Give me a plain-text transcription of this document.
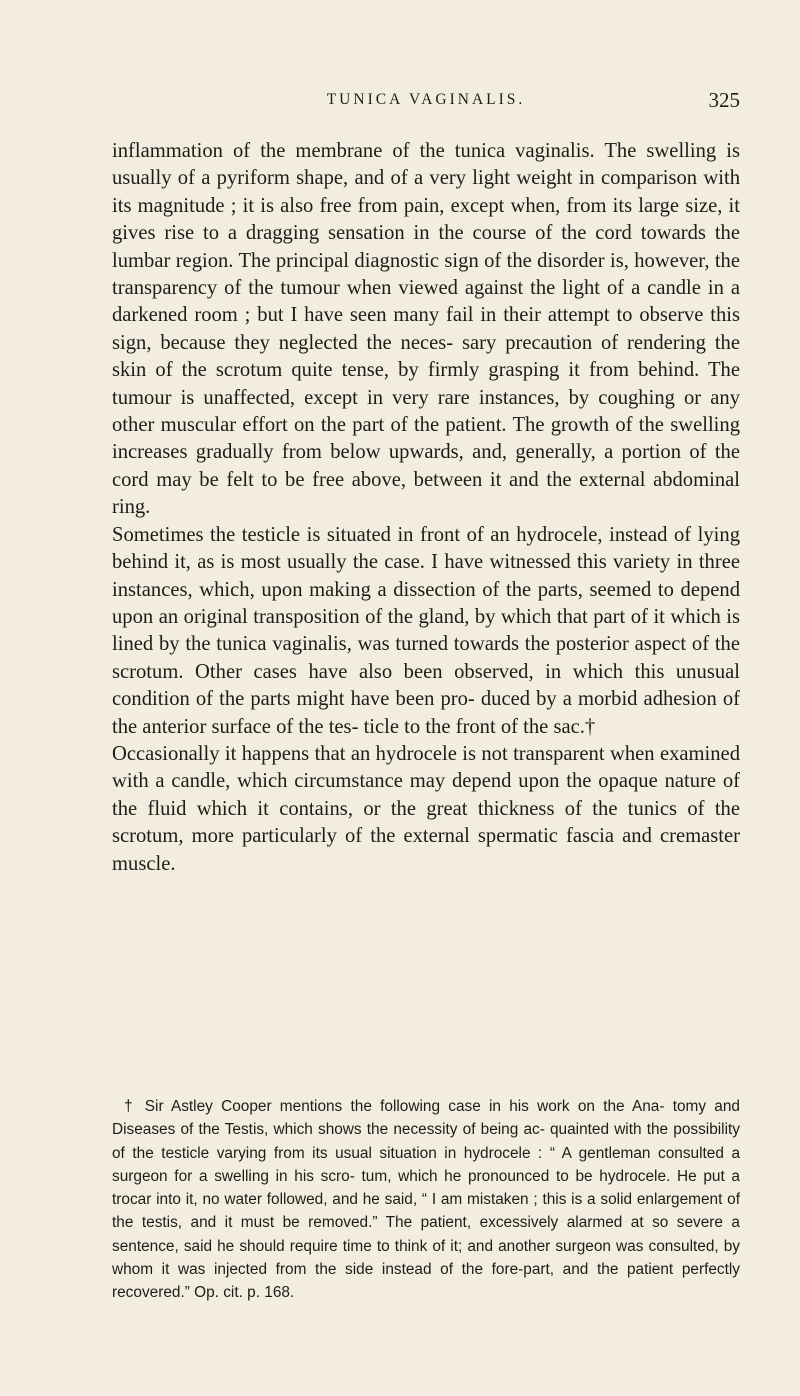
TUNICA VAGINALIS.	325

inflammation of the membrane of the tunica vaginalis. The swelling is usually of a pyriform shape, and of a very light weight in comparison with its magnitude ; it is also free from pain, except when, from its large size, it gives rise to a dragging sensation in the course of the cord towards the lumbar region. The principal diagnostic sign of the disorder is, however, the transparency of the tumour when viewed against the light of a candle in a darkened room ; but I have seen many fail in their attempt to observe this sign, because they neglected the neces- sary precaution of rendering the skin of the scrotum quite tense, by firmly grasping it from behind. The tumour is unaffected, except in very rare instances, by coughing or any other muscular effort on the part of the patient. The growth of the swelling increases gradually from below upwards, and, generally, a portion of the cord may be felt to be free above, between it and the external abdominal ring.

Sometimes the testicle is situated in front of an hydrocele, instead of lying behind it, as is most usually the case. I have witnessed this variety in three instances, which, upon making a dissection of the parts, seemed to depend upon an original transposition of the gland, by which that part of it which is lined by the tunica vaginalis, was turned towards the posterior aspect of the scrotum. Other cases have also been observed, in which this unusual condition of the parts might have been pro- duced by a morbid adhesion of the anterior surface of the tes- ticle to the front of the sac.†

Occasionally it happens that an hydrocele is not transparent when examined with a candle, which circumstance may depend upon the opaque nature of the fluid which it contains, or the great thickness of the tunics of the scrotum, more particularly of the external spermatic fascia and cremaster muscle.

† Sir Astley Cooper mentions the following case in his work on the Ana- tomy and Diseases of the Testis, which shows the necessity of being ac- quainted with the possibility of the testicle varying from its usual situation in hydrocele : “ A gentleman consulted a surgeon for a swelling in his scro- tum, which he pronounced to be hydrocele. He put a trocar into it, no water followed, and he said, “ I am mistaken ; this is a solid enlargement of the testis, and it must be removed.” The patient, excessively alarmed at so severe a sentence, said he should require time to think of it; and another surgeon was consulted, by whom it was injected from the side instead of the fore-part, and the patient perfectly recovered.” Op. cit. p. 168.
